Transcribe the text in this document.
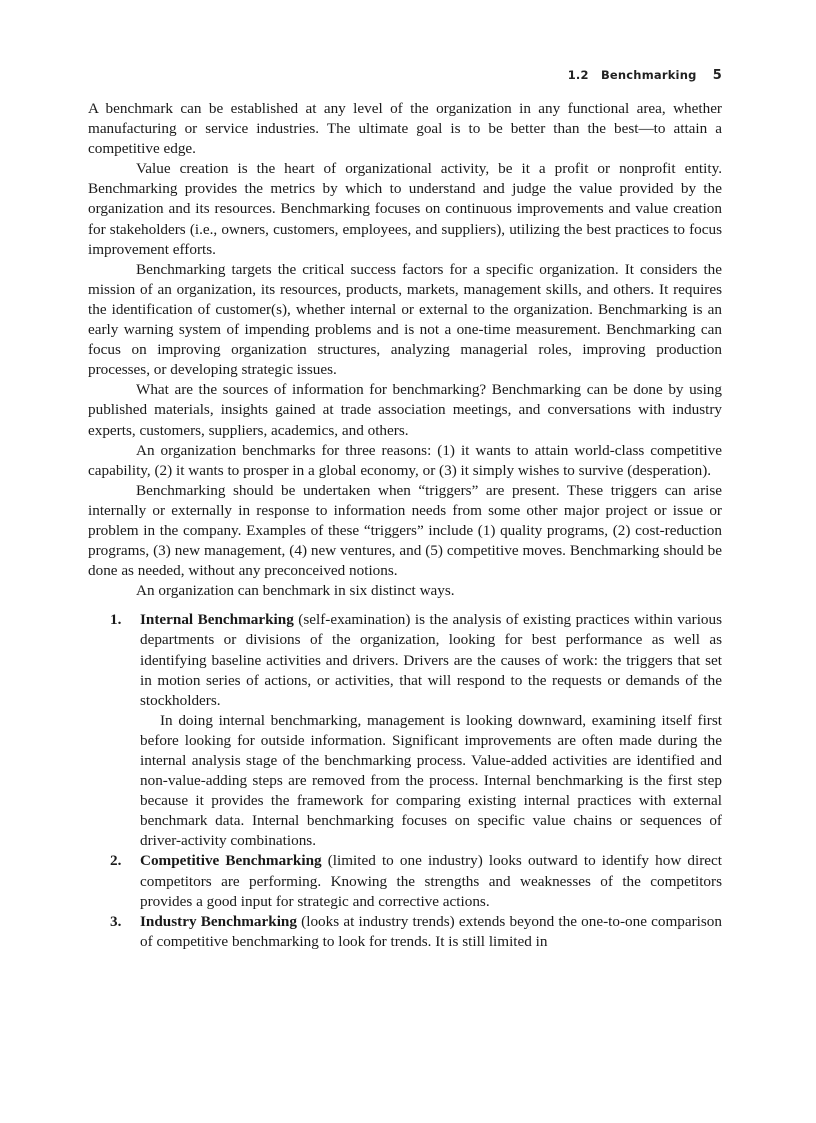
1.2 Benchmarking 5

A benchmark can be established at any level of the organization in any functional area, whether manufacturing or service industries. The ultimate goal is to be better than the best—to attain a competitive edge.

Value creation is the heart of organizational activity, be it a profit or nonprofit entity. Benchmarking provides the metrics by which to understand and judge the value provided by the organization and its resources. Benchmarking focuses on continuous improvements and value creation for stakeholders (i.e., owners, customers, employees, and suppliers), utilizing the best practices to focus improvement efforts.

Benchmarking targets the critical success factors for a specific organization. It considers the mission of an organization, its resources, products, markets, management skills, and others. It requires the identification of customer(s), whether internal or external to the organization. Benchmarking is an early warning system of impending problems and is not a one-time measurement. Benchmarking can focus on improving organization structures, analyzing managerial roles, improving production processes, or developing strategic issues.

What are the sources of information for benchmarking? Benchmarking can be done by using published materials, insights gained at trade association meetings, and conversations with industry experts, customers, suppliers, academics, and others.

An organization benchmarks for three reasons: (1) it wants to attain world-class competitive capability, (2) it wants to prosper in a global economy, or (3) it simply wishes to survive (desperation).

Benchmarking should be undertaken when “triggers” are present. These triggers can arise internally or externally in response to information needs from some other major project or issue or problem in the company. Examples of these “triggers” include (1) quality programs, (2) cost-reduction programs, (3) new management, (4) new ventures, and (5) competitive moves. Benchmarking should be done as needed, without any preconceived notions.

An organization can benchmark in six distinct ways.

1. Internal Benchmarking (self-examination) is the analysis of existing practices within various departments or divisions of the organization, looking for best performance as well as identifying baseline activities and drivers. Drivers are the causes of work: the triggers that set in motion series of actions, or activities, that will respond to the requests or demands of the stockholders.

In doing internal benchmarking, management is looking downward, examining itself first before looking for outside information. Significant improvements are often made during the internal analysis stage of the benchmarking process. Value-added activities are identified and non-value-adding steps are removed from the process. Internal benchmarking is the first step because it provides the framework for comparing existing internal practices with external benchmark data. Internal benchmarking focuses on specific value chains or sequences of driver-activity combinations.

2. Competitive Benchmarking (limited to one industry) looks outward to identify how direct competitors are performing. Knowing the strengths and weaknesses of the competitors provides a good input for strategic and corrective actions.

3. Industry Benchmarking (looks at industry trends) extends beyond the one-to-one comparison of competitive benchmarking to look for trends. It is still limited in
